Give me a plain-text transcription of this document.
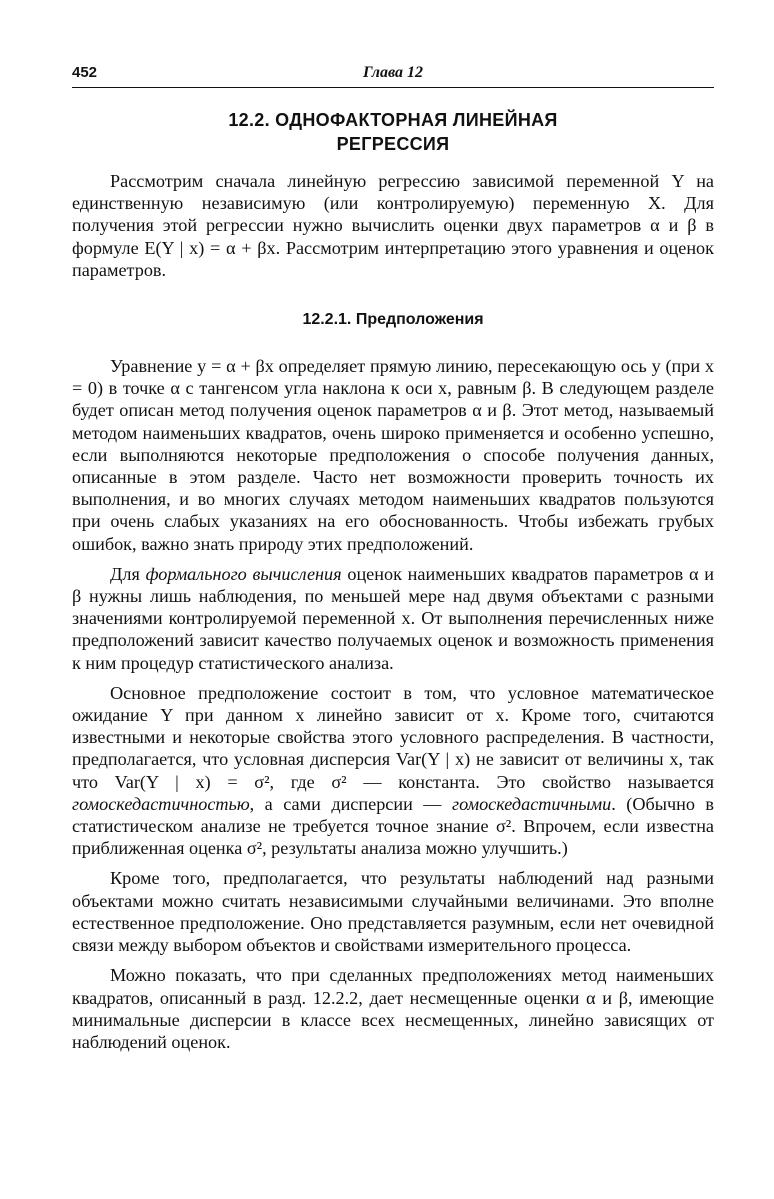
452	Глава 12
12.2. ОДНОФАКТОРНАЯ ЛИНЕЙНАЯ
РЕГРЕССИЯ

Рассмотрим сначала линейную регрессию зависимой переменной Y на единственную независимую (или контролируемую) переменную X. Для получения этой регрессии нужно вычислить оценки двух параметров α и β в формуле E(Y | x) = α + βx. Рассмотрим интерпретацию этого уравнения и оценок параметров.

12.2.1. Предположения

Уравнение y = α + βx определяет прямую линию, пересекающую ось y (при x = 0) в точке α с тангенсом угла наклона к оси x, равным β. В следующем разделе будет описан метод получения оценок параметров α и β. Этот метод, называемый методом наименьших квадратов, очень широко применяется и особенно успешно, если выполняются некоторые предположения о способе получения данных, описанные в этом разделе. Часто нет возможности проверить точность их выполнения, и во многих случаях методом наименьших квадратов пользуются при очень слабых указаниях на его обоснованность. Чтобы избежать грубых ошибок, важно знать природу этих предположений.

Для формального вычисления оценок наименьших квадратов параметров α и β нужны лишь наблюдения, по меньшей мере над двумя объектами с разными значениями контролируемой переменной x. От выполнения перечисленных ниже предположений зависит качество получаемых оценок и возможность применения к ним процедур статистического анализа.

Основное предположение состоит в том, что условное математическое ожидание Y при данном x линейно зависит от x. Кроме того, считаются известными и некоторые свойства этого условного распределения. В частности, предполагается, что условная дисперсия Var(Y | x) не зависит от величины x, так что Var(Y | x) = σ², где σ² — константа. Это свойство называется гомоскедастичностью, а сами дисперсии — гомоскедастичными. (Обычно в статистическом анализе не требуется точное знание σ². Впрочем, если известна приближенная оценка σ², результаты анализа можно улучшить.)

Кроме того, предполагается, что результаты наблюдений над разными объектами можно считать независимыми случайными величинами. Это вполне естественное предположение. Оно представляется разумным, если нет очевидной связи между выбором объектов и свойствами измерительного процесса.

Можно показать, что при сделанных предположениях метод наименьших квадратов, описанный в разд. 12.2.2, дает несмещенные оценки α и β, имеющие минимальные дисперсии в классе всех несмещенных, линейно зависящих от наблюдений оценок.
